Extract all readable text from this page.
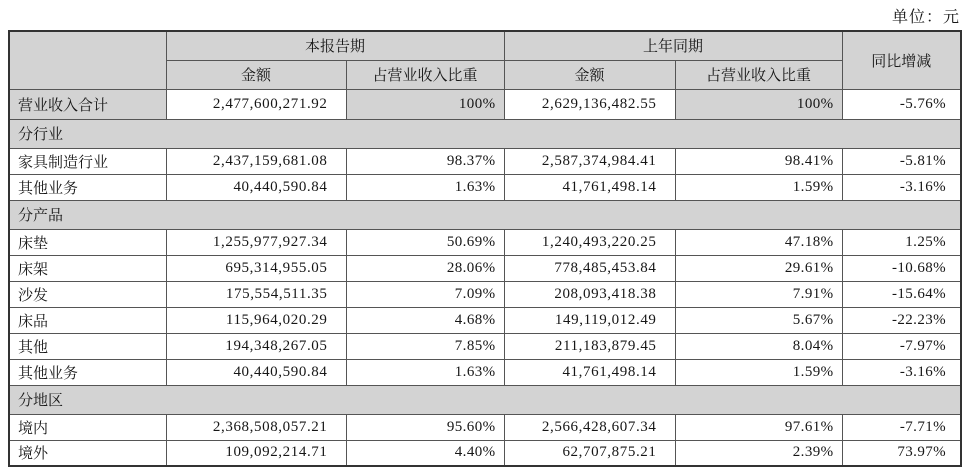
单位：元
	本报告期		上年同期		同比增减
	金额	占营业收入比重	金额	占营业收入比重	
营业收入合计	2,477,600,271.92	100%	2,629,136,482.55	100%	-5.76%
分行业					
家具制造行业	2,437,159,681.08	98.37%	2,587,374,984.41	98.41%	-5.81%
其他业务	40,440,590.84	1.63%	41,761,498.14	1.59%	-3.16%
分产品					
床垫	1,255,977,927.34	50.69%	1,240,493,220.25	47.18%	1.25%
床架	695,314,955.05	28.06%	778,485,453.84	29.61%	-10.68%
沙发	175,554,511.35	7.09%	208,093,418.38	7.91%	-15.64%
床品	115,964,020.29	4.68%	149,119,012.49	5.67%	-22.23%
其他	194,348,267.05	7.85%	211,183,879.45	8.04%	-7.97%
其他业务	40,440,590.84	1.63%	41,761,498.14	1.59%	-3.16%
分地区					
境内	2,368,508,057.21	95.60%	2,566,428,607.34	97.61%	-7.71%
境外	109,092,214.71	4.40%	62,707,875.21	2.39%	73.97%
